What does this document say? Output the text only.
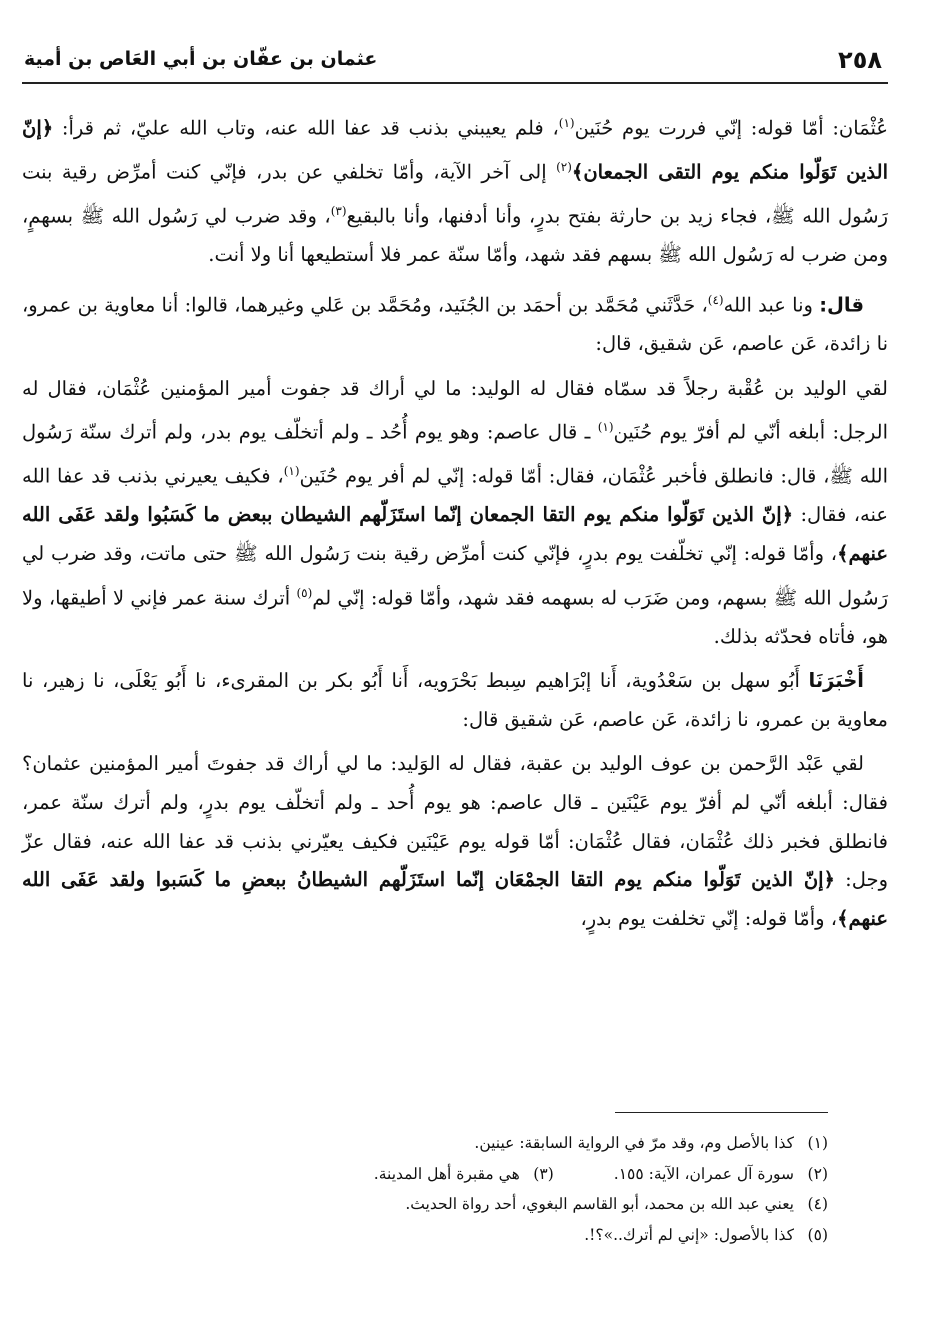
٢٥٨
عثمان بن عفّان بن أبي العَاص بن أمية

عُثْمَان: أمّا قوله: إنّي فررت يوم حُنَين$^{(١)}$، فلم يعيبني بذنب قد عفا الله عنه، وتاب الله عليّ، ثم قرأ: ﴿إنّ الذين تَوَلّوا منكم يوم التقى الجمعان﴾$^{(٢)}$ إلى آخر الآية، وأمّا تخلفي عن بدر، فإنّي كنت أمرِّض رقية بنت رَسُول الله ﷺ، فجاء زيد بن حارثة بفتح بدرٍ، وأنا أدفنها، وأنا بالبقيع$^{(٣)}$، وقد ضرب لي رَسُول الله ﷺ بسهمٍ، ومن ضرب له رَسُول الله ﷺ بسهم فقد شهد، وأمّا سنّة عمر فلا أستطيعها أنا ولا أنت.

قال: ونا عبد الله$^{(٤)}$، حَدَّثَني مُحَمَّد بن أحمَد بن الجُنَيد، ومُحَمَّد بن عَلي وغيرهما، قالوا: أنا معاوية بن عمرو، نا زائدة، عَن عاصم، عَن شقيق، قال:

لقي الوليد بن عُقْبة رجلاً قد سمّاه فقال له الوليد: ما لي أراك قد جفوت أمير المؤمنين عُثْمَان، فقال له الرجل: أبلغه أنّي لم أفرّ يوم حُنَين$^{(١)}$ ـ قال عاصم: وهو يوم أُحُد ـ ولم أتخلّف يوم بدر، ولم أترك سنّة رَسُول الله ﷺ، قال: فانطلق فأخبر عُثْمَان، فقال: أمّا قوله: إنّي لم أفر يوم حُنَين$^{(١)}$، فكيف يعيرني بذنب قد عفا الله عنه، فقال: ﴿إنّ الذين تَوَلّوا منكم يوم التقا الجمعان إنّما استَزَلّهم الشيطان ببعض ما كَسَبُوا ولقد عَفَى الله عنهم﴾، وأمّا قوله: إنّي تخلّفت يوم بدرٍ، فإنّي كنت أمرِّض رقية بنت رَسُول الله ﷺ حتى ماتت، وقد ضرب لي رَسُول الله ﷺ بسهم، ومن ضَرَب له بسهمه فقد شهد، وأمّا قوله: إنّي لم$^{(٥)}$ أترك سنة عمر فإني لا أطيقها، ولا هو، فأتاه فحدّثه بذلك.

أَخْبَرَنَا أَبُو سهل بن سَعْدُوية، أَنا إبْرَاهيم سِبط بَحْرَويه، أَنا أَبُو بكر بن المقرىء، نا أَبُو يَعْلَى، نا زهير، نا معاوية بن عمرو، نا زائدة، عَن عاصم، عَن شقيق قال:

لقي عَبْد الرَّحمن بن عوف الوليد بن عقبة، فقال له الوَليد: ما لي أراك قد جفوتَ أمير المؤمنين عثمان؟ فقال: أبلغه أنّي لم أفرّ يوم عَيْنَين ـ قال عاصم: هو يوم أُحد ـ ولم أتخلّف يوم بدرٍ، ولم أترك سنّة عمر، فانطلق فخبر ذلك عُثْمَان، فقال عُثْمَان: أمّا قوله يوم عَيْنَين فكيف يعيّرني بذنب قد عفا الله عنه، فقال عزّ وجل: ﴿إنّ الذين تَوَلّوا منكم يوم التقا الجمْعَان إنّما استَزَلّهم الشيطانُ ببعضِ ما كَسَبوا ولقد عَفَى الله عنهم﴾، وأمّا قوله: إنّي تخلفت يوم بدرٍ،

(١)كذا بالأصل وم، وقد مرّ في الرواية السابقة: عينين.
(٢)سورة آل عمران، الآية: ١٥٥.(٣)هي مقبرة أهل المدينة.
(٤)يعني عبد الله بن محمد، أبو القاسم البغوي، أحد رواة الحديث.
(٥)كذا بالأصول: «إني لم أترك..»؟!.
